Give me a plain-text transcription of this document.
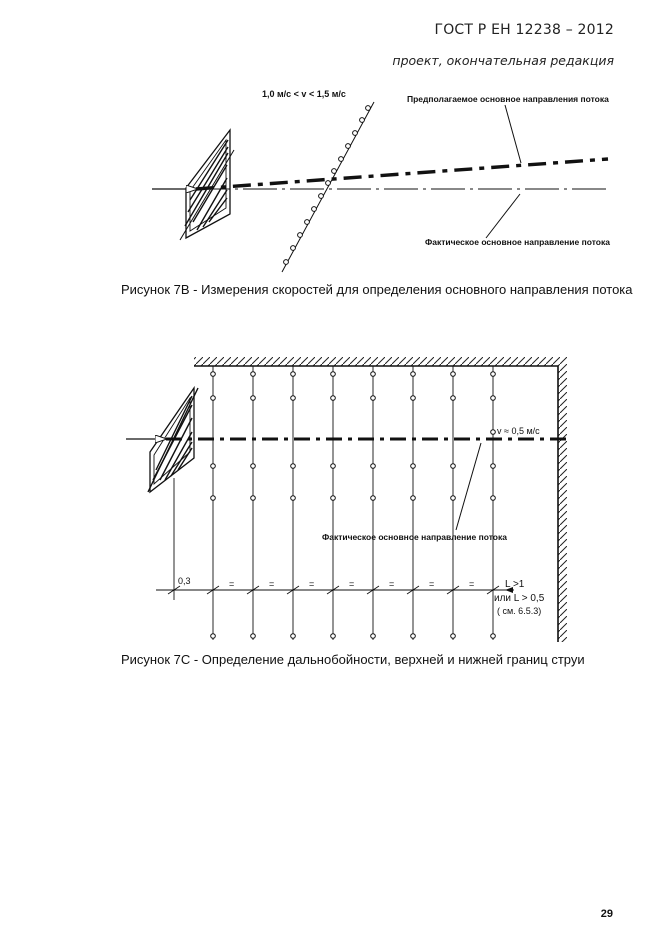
ГОСТ Р ЕН 12238 – 2012
проект, окончательная редакция
1,0 м/с < v < 1,5 м/с	Предполагаемое основное направления потока
Фактическое основное направление потока
v ≈ 0,5 м/с
Фактическое основное направление потока
0,3	=	=	=	=	=	=	=	L >1
или L > 0,5
( см. 6.5.3)
Рисунок 7В - Измерения скоростей для определения основного направления потока
Рисунок 7С - Определение дальнобойности, верхней и нижней границ струи
29
